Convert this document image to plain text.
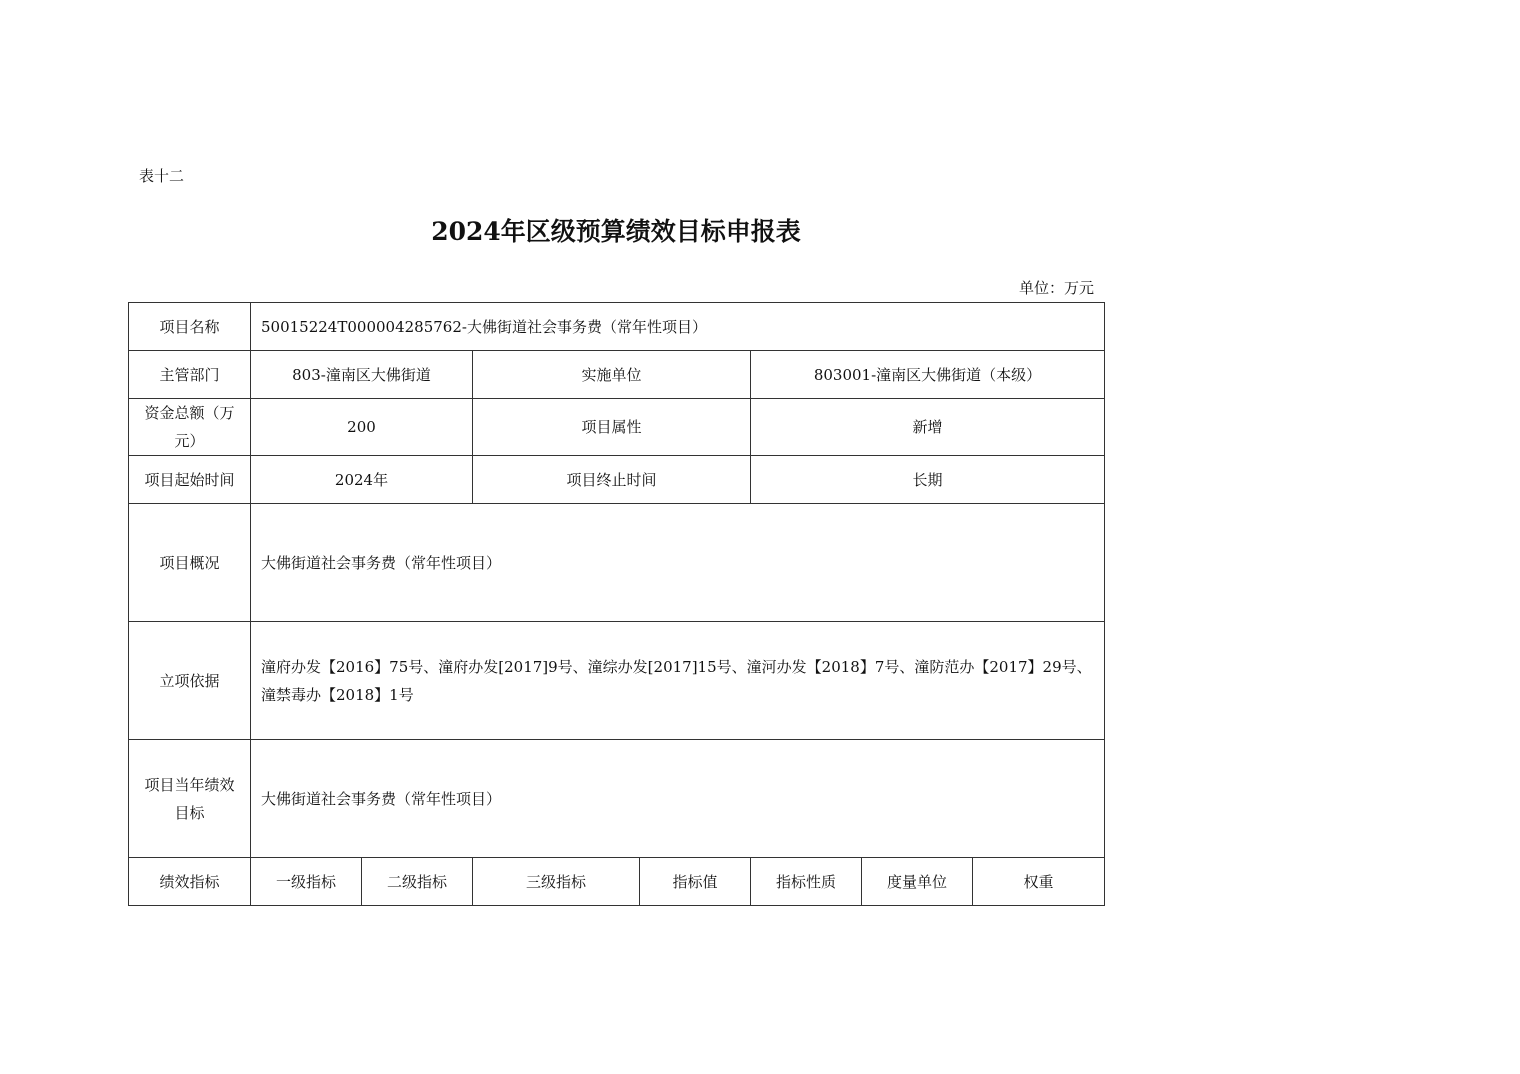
表十二
2024年区级预算绩效目标申报表
单位：万元
项目名称	50015224T000004285762-大佛街道社会事务费（常年性项目）						
主管部门	803-潼南区大佛街道		实施单位		803001-潼南区大佛街道（本级）		
资金总额（万元）	200		项目属性		新增		
项目起始时间	2024年		项目终止时间		长期		
项目概况	大佛街道社会事务费（常年性项目）						
立项依据	潼府办发【2016】75号、潼府办发[2017]9号、潼综办发[2017]15号、潼河办发【2018】7号、潼防范办【2017】29号、潼禁毒办【2018】1号						
项目当年绩效目标	大佛街道社会事务费（常年性项目）						
绩效指标	一级指标	二级指标	三级指标	指标值	指标性质	度量单位	权重
